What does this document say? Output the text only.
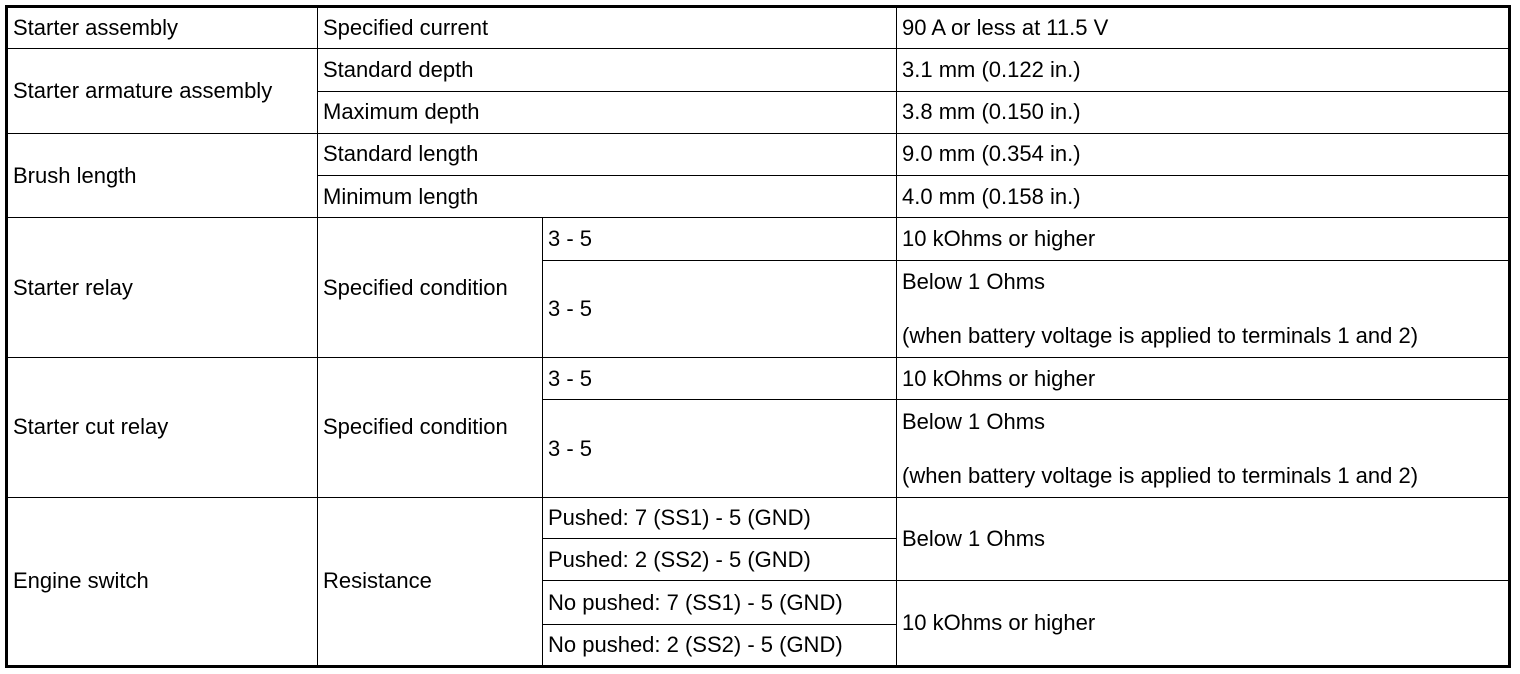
Starter assembly	Specified current		90 A or less at 11.5 V
Starter armature assembly	Standard depth		3.1 mm (0.122 in.)
	Maximum depth		3.8 mm (0.150 in.)
Brush length	Standard length		9.0 mm (0.354 in.)
	Minimum length		4.0 mm (0.158 in.)
Starter relay	Specified condition	3 - 5	10 kOhms or higher
		3 - 5	Below 1 Ohms
(when battery voltage is applied to terminals 1 and 2)

Starter cut relay	Specified condition	3 - 5	10 kOhms or higher
		3 - 5	Below 1 Ohms
(when battery voltage is applied to terminals 1 and 2)

Engine switch	Resistance	Pushed: 7 (SS1) - 5 (GND)	Below 1 Ohms
		Pushed: 2 (SS2) - 5 (GND)	
		No pushed: 7 (SS1) - 5 (GND)	10 kOhms or higher
		No pushed: 2 (SS2) - 5 (GND)	
